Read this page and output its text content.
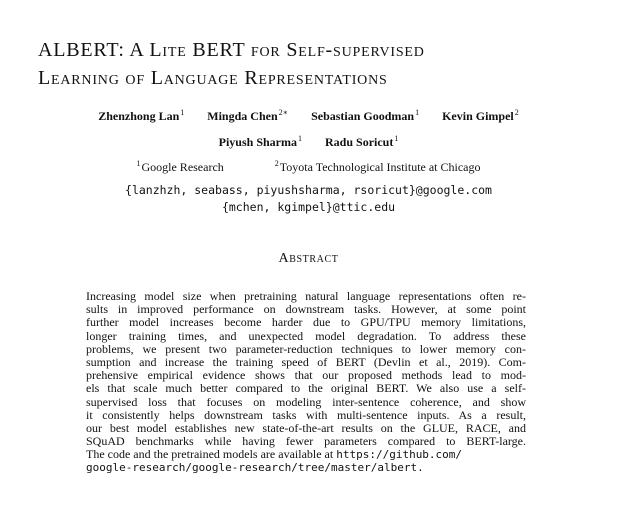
ALBERT: A Lite BERT for Self-supervised
Learning of Language Representations
Zhenzhong Lan$^1$ Mingda Chen$^{2∗}$ Sebastian Goodman$^1$ Kevin Gimpel$^2$
Piyush Sharma$^1$ Radu Soricut$^1$
$^1$Google Research	$^2$Toyota Technological Institute at Chicago
{lanzhzh, seabass, piyushsharma, rsoricut}@google.com
{mchen, kgimpel}@ttic.edu
Abstract
Increasing model size when pretraining natural language representations often re-
sults in improved performance on downstream tasks. However, at some point
further model increases become harder due to GPU/TPU memory limitations,
longer training times, and unexpected model degradation. To address these
problems, we present two parameter-reduction techniques to lower memory con-
sumption and increase the training speed of BERT (Devlin et al., 2019). Com-
prehensive empirical evidence shows that our proposed methods lead to mod-
els that scale much better compared to the original BERT. We also use a self-
supervised loss that focuses on modeling inter-sentence coherence, and show
it consistently helps downstream tasks with multi-sentence inputs. As a result,
our best model establishes new state-of-the-art results on the GLUE, RACE, and
SQuAD benchmarks while having fewer parameters compared to BERT-large.
The code and the pretrained models are available at https://github.com/
google-research/google-research/tree/master/albert.
